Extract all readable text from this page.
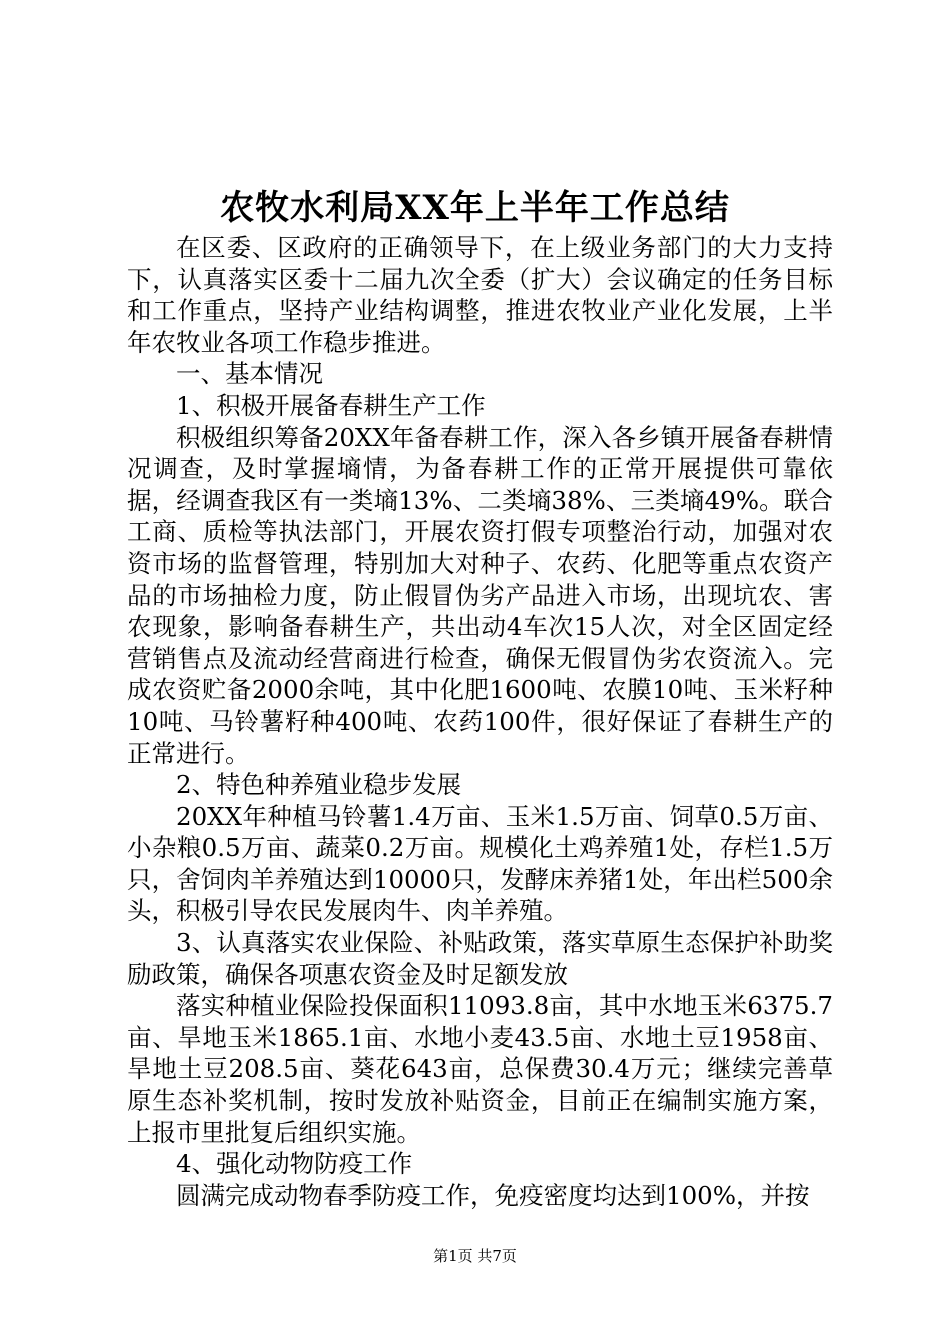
农牧水利局XX年上半年工作总结

在区委、区政府的正确领导下，在上级业务部门的大力支持下，认真落实区委十二届九次全委（扩大）会议确定的任务目标和工作重点，坚持产业结构调整，推进农牧业产业化发展，上半年农牧业各项工作稳步推进。

一、基本情况

1、积极开展备春耕生产工作

积极组织筹备20XX年备春耕工作，深入各乡镇开展备春耕情况调查，及时掌握墒情，为备春耕工作的正常开展提供可靠依据，经调查我区有一类墒13%、二类墒38%、三类墒49%。联合工商、质检等执法部门，开展农资打假专项整治行动，加强对农资市场的监督管理，特别加大对种子、农药、化肥等重点农资产品的市场抽检力度，防止假冒伪劣产品进入市场，出现坑农、害农现象，影响备春耕生产，共出动4车次15人次，对全区固定经营销售点及流动经营商进行检查，确保无假冒伪劣农资流入。完成农资贮备2000余吨，其中化肥1600吨、农膜10吨、玉米籽种10吨、马铃薯籽种400吨、农药100件，很好保证了春耕生产的正常进行。

2、特色种养殖业稳步发展

20XX年种植马铃薯1.4万亩、玉米1.5万亩、饲草0.5万亩、小杂粮0.5万亩、蔬菜0.2万亩。规模化土鸡养殖1处，存栏1.5万只，舍饲肉羊养殖达到10000只，发酵床养猪1处，年出栏500余头，积极引导农民发展肉牛、肉羊养殖。

3、认真落实农业保险、补贴政策，落实草原生态保护补助奖励政策，确保各项惠农资金及时足额发放

落实种植业保险投保面积11093.8亩，其中水地玉米6375.7亩、旱地玉米1865.1亩、水地小麦43.5亩、水地土豆1958亩、旱地土豆208.5亩、葵花643亩，总保费30.4万元；继续完善草原生态补奖机制，按时发放补贴资金，目前正在编制实施方案，上报市里批复后组织实施。

4、强化动物防疫工作

圆满完成动物春季防疫工作，免疫密度均达到100%，并按

第1页 共7页
